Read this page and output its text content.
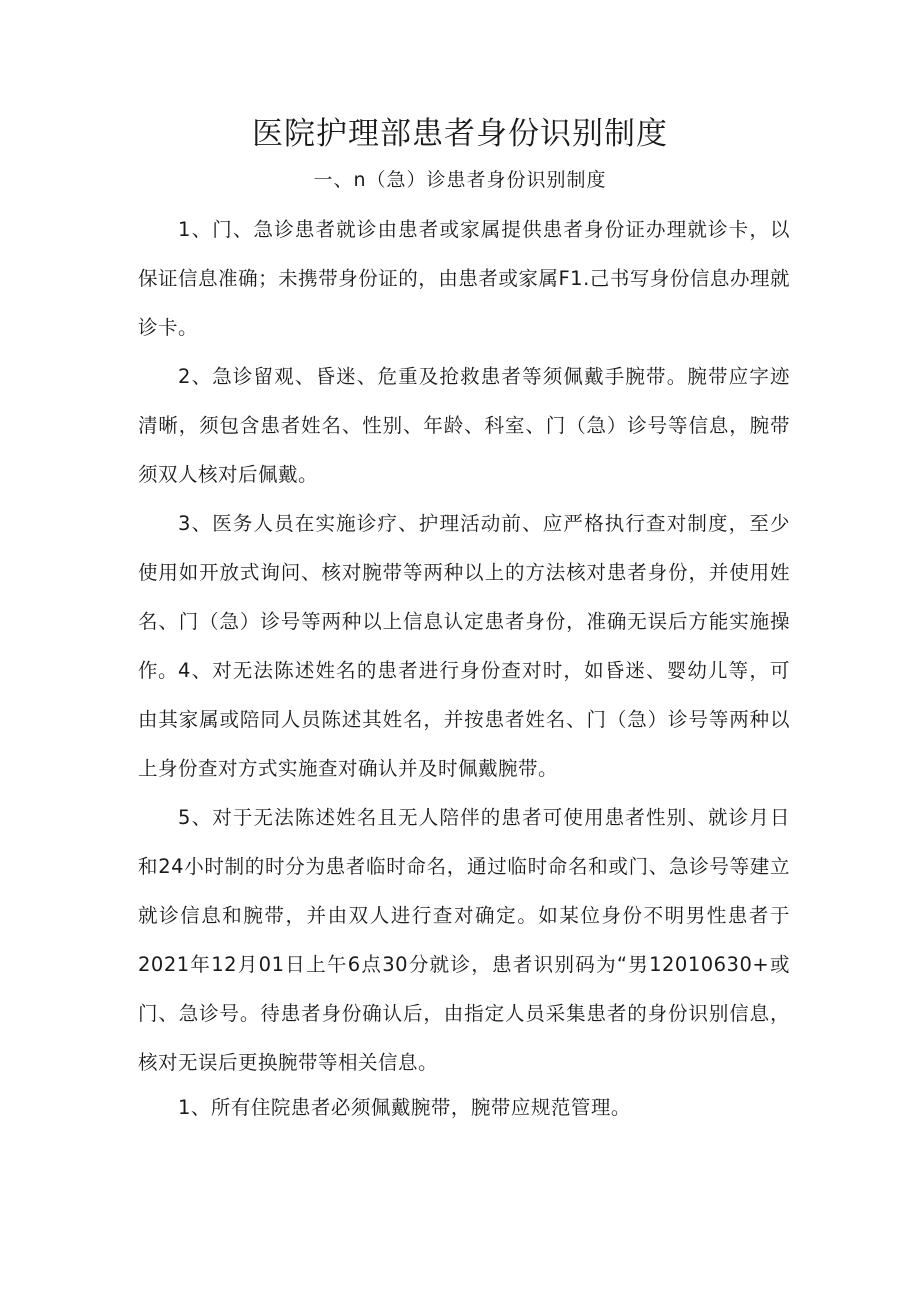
医院护理部患者身份识别制度
一、n（急）诊患者身份识别制度

1、门、急诊患者就诊由患者或家属提供患者身份证办理就诊卡，以保证信息准确；未携带身份证的，由患者或家属F1.己书写身份信息办理就诊卡。

2、急诊留观、昏迷、危重及抢救患者等须佩戴手腕带。腕带应字迹清晰，须包含患者姓名、性别、年龄、科室、门（急）诊号等信息，腕带须双人核对后佩戴。

3、医务人员在实施诊疗、护理活动前、应严格执行查对制度，至少使用如开放式询问、核对腕带等两种以上的方法核对患者身份，并使用姓名、门（急）诊号等两种以上信息认定患者身份，准确无误后方能实施操作。 4、对无法陈述姓名的患者进行身份查对时，如昏迷、婴幼儿等，可由其家属或陪同人员陈述其姓名，并按患者姓名、门（急）诊号等两种以上身份查对方式实施查对确认并及时佩戴腕带。

5、对于无法陈述姓名且无人陪伴的患者可使用患者性别、就诊月日和24小时制的时分为患者临时命名，通过临时命名和或门、急诊号等建立就诊信息和腕带，并由双人进行查对确定。如某位身份不明男性患者于2021年12月01日上午6点30分就诊，患者识别码为“男12010630+或门、急诊号。待患者身份确认后，由指定人员采集患者的身份识别信息，核对无误后更换腕带等相关信息。

1、所有住院患者必须佩戴腕带，腕带应规范管理。
